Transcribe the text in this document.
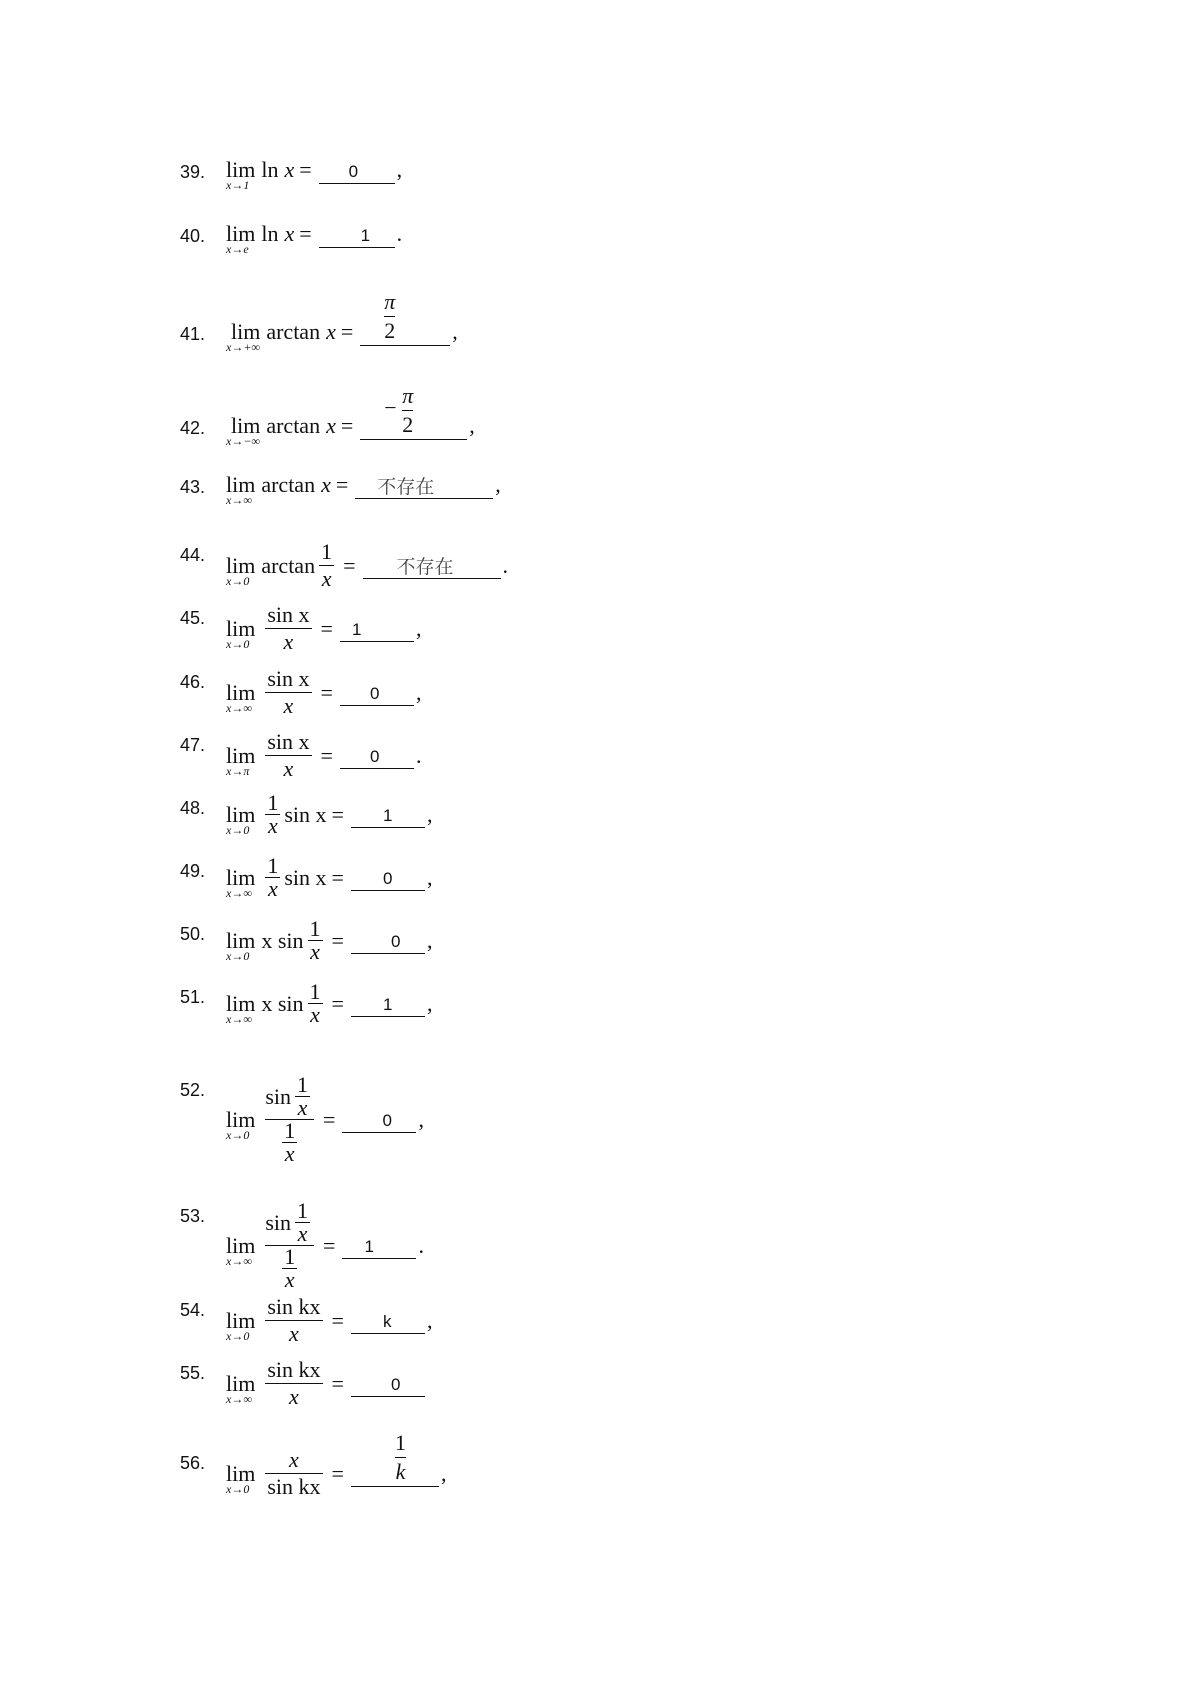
39. lim
x→1
ln x = 0 ,
40. lim
x→e
ln x =	1 .
41. lim
x→+∞
arctan x =
π
2	,
42. lim
x→−∞
arctan x =
− π
2	,
43. lim
x→∞
arctan x = 不存在	,
44. lim
x→0
$\arctan \frac{1}{x}$ = 不存在 .
45. lim
$x\to 0 \frac{\text{sin x}}{x} = 1$ ,
46. lim
$x\to\infty \frac{\text{sin x}}{x} = 0$ ,
47. lim
$x\to\pi \frac{\text{sin x}}{x} = 0$ .
48. lim
$x\to 0 \frac{1}{x}$ sin x = 1 ,
49. lim
$x\to\infty \frac{1}{x}$ sin x = 0 ,
50. lim
x→0
x $\sin \frac{1}{x}$ =	0 ,
51. lim
x→∞
x $\sin \frac{1}{x} = 1$ ,
52.
lim
$x\to 0 \frac{\sin \frac{1}{x}}{\frac{1}{x}}$ =	0 ,
53.
lim
$x\to\infty \frac{\sin \frac{1}{x}}{\frac{1}{x}} = 1$ .
54. lim
$x\to 0 \frac{\text{sin kx}}{x} = k$ ,
55. lim
$x\to\infty \frac{\text{sin kx}}{x}$ =	0
56. lim
$x\to 0 \frac{x}{\text{sin kx}}$ =
1
k ,
